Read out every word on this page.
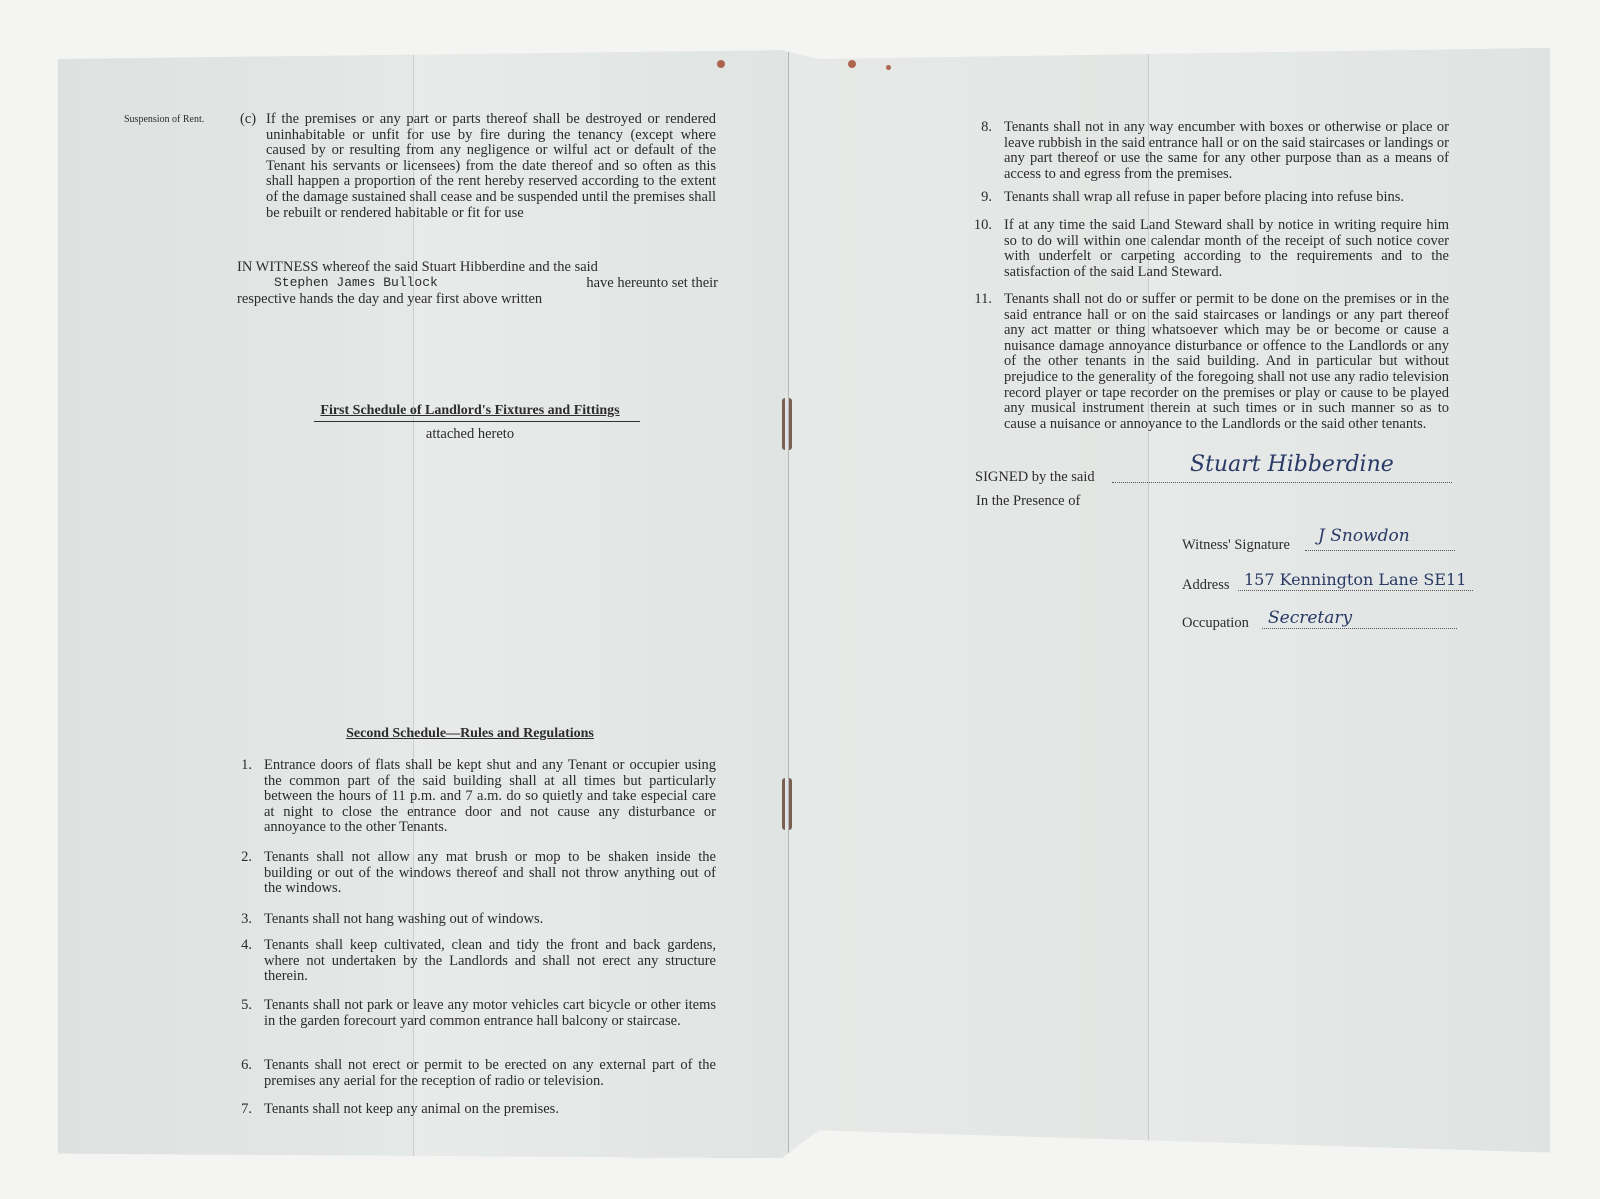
Suspension of Rent.	(c) If the premises or any part or parts thereof shall be destroyed or rendered uninhabitable or unfit for use by fire during the tenancy (except where caused by or resulting from any negligence or wilful act or default of the Tenant his servants or licensees) from the date thereof and so often as this shall happen a proportion of the rent hereby reserved according to the extent of the damage sustained shall cease and be suspended until the premises shall be rebuilt or rendered habitable or fit for use
IN WITNESS whereof the said Stuart Hibberdine and the said
Stephen James Bullock	have hereunto set their
respective hands the day and year first above written
First Schedule of Landlord's Fixtures and Fittings
attached hereto
Second Schedule—Rules and Regulations
1. Entrance doors of flats shall be kept shut and any Tenant or occupier using the common part of the said building shall at all times but particularly between the hours of 11 p.m. and 7 a.m. do so quietly and take especial care at night to close the entrance door and not cause any disturbance or annoyance to the other Tenants.
2. Tenants shall not allow any mat brush or mop to be shaken inside the building or out of the windows thereof and shall not throw anything out of the windows.
3. Tenants shall not hang washing out of windows.
4. Tenants shall keep cultivated, clean and tidy the front and back gardens, where not undertaken by the Landlords and shall not erect any structure therein.
5. Tenants shall not park or leave any motor vehicles cart bicycle or other items in the garden forecourt yard common entrance hall balcony or staircase.
6. Tenants shall not erect or permit to be erected on any external part of the premises any aerial for the reception of radio or television.
7. Tenants shall not keep any animal on the premises.
8. Tenants shall not in any way encumber with boxes or otherwise or place or leave rubbish in the said entrance hall or on the said staircases or landings or any part thereof or use the same for any other purpose than as a means of access to and egress from the premises.
9. Tenants shall wrap all refuse in paper before placing into refuse bins.
10. If at any time the said Land Steward shall by notice in writing require him so to do will within one calendar month of the receipt of such notice cover with underfelt or carpeting according to the requirements and to the satisfaction of the said Land Steward.
11. Tenants shall not do or suffer or permit to be done on the premises or in the said entrance hall or on the said staircases or landings or any part thereof any act matter or thing whatsoever which may be or become or cause a nuisance damage annoyance disturbance or offence to the Landlords or any of the other tenants in the said building. And in particular but without prejudice to the generality of the foregoing shall not use any radio television record player or tape recorder on the premises or play or cause to be played any musical instrument therein at such times or in such manner so as to cause a nuisance or annoyance to the Landlords or the said other tenants.
SIGNED by the said	Stuart Hibberdine
In the Presence of
Witness' Signature J Snowdon
Address 157 Kennington Lane SE11
Occupation Secretary
